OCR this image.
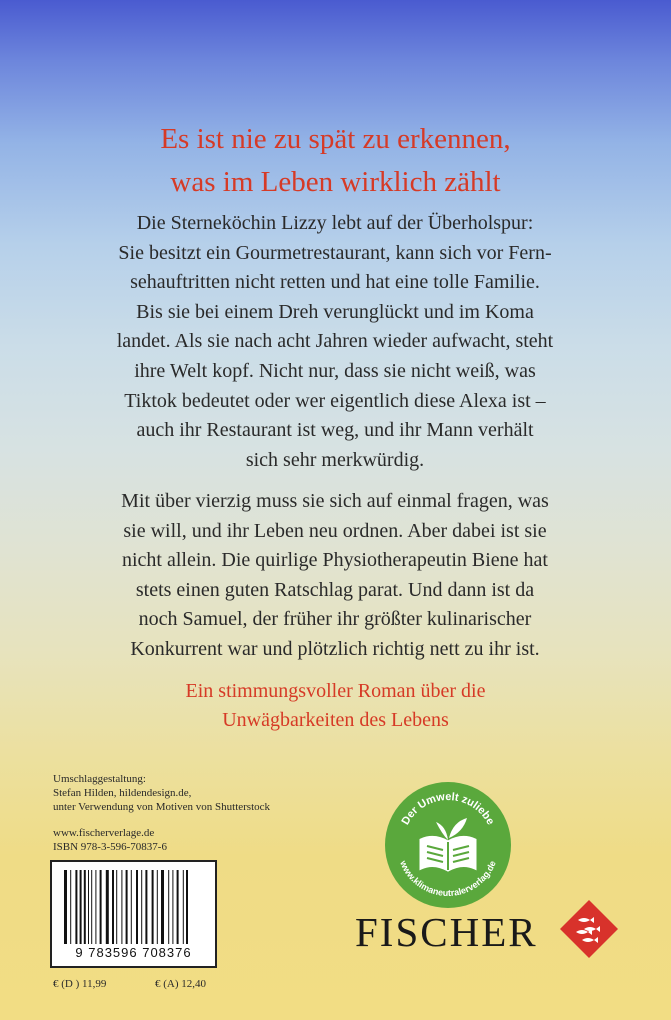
Es ist nie zu spät zu erkennen,
was im Leben wirklich zählt

Die Sterneköchin Lizzy lebt auf der Überholspur:
Sie besitzt ein Gourmetrestaurant, kann sich vor Fern-
sehauftritten nicht retten und hat eine tolle Familie.
Bis sie bei einem Dreh verunglückt und im Koma
landet. Als sie nach acht Jahren wieder aufwacht, steht
ihre Welt kopf. Nicht nur, dass sie nicht weiß, was
Tiktok bedeutet oder wer eigentlich diese Alexa ist –
auch ihr Restaurant ist weg, und ihr Mann verhält
sich sehr merkwürdig.

Mit über vierzig muss sie sich auf einmal fragen, was
sie will, und ihr Leben neu ordnen. Aber dabei ist sie
nicht allein. Die quirlige Physiotherapeutin Biene hat
stets einen guten Ratschlag parat. Und dann ist da
noch Samuel, der früher ihr größter kulinarischer
Konkurrent war und plötzlich richtig nett zu ihr ist.

Ein stimmungsvoller Roman über die
Unwägbarkeiten des Lebens
Umschlaggestaltung:
Stefan Hilden, hildendesign.de,
unter Verwendung von Motiven von Shutterstock
www.fischerverlage.de
ISBN 978-3-596-70837-6
9 783596 708376
€ (D ) 11,99	€ (A) 12,40
Der Umwelt zuliebe
www.klimaneutralerverlag.de
FISCHER
